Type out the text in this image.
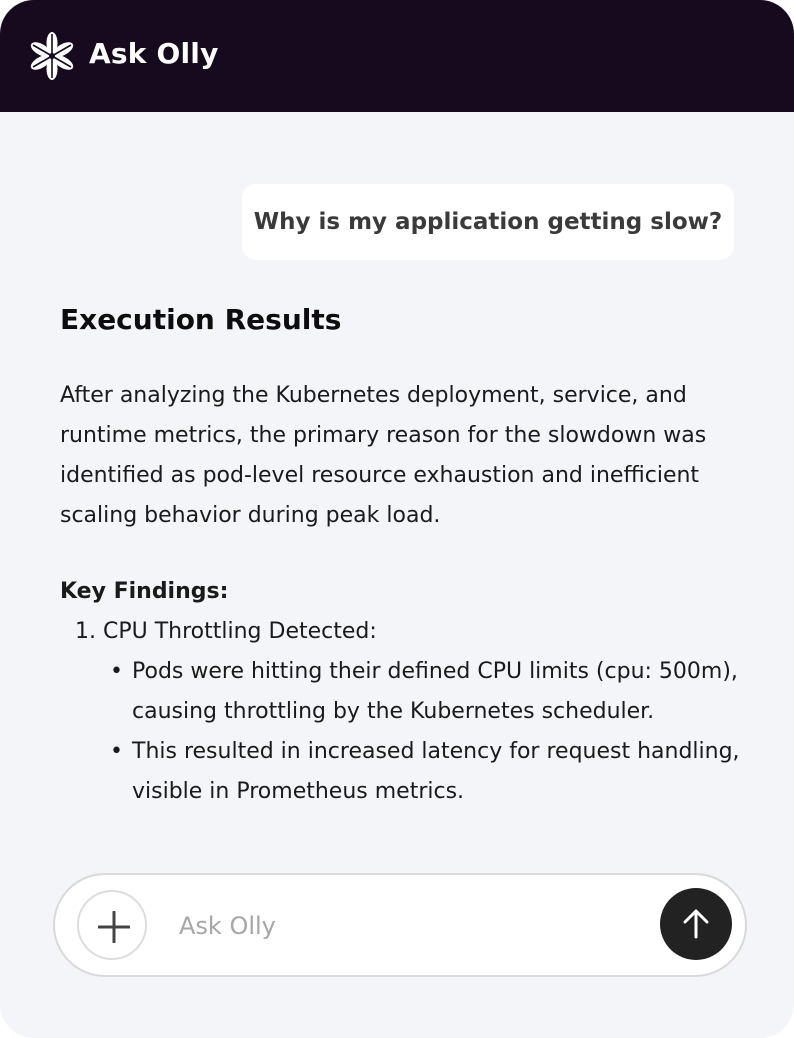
Ask Olly
Why is my application getting slow?
Execution Results

After analyzing the Kubernetes deployment, service, and runtime metrics, the primary reason for the slowdown was identified as pod-level resource exhaustion and inefficient scaling behavior during peak load.

Key Findings:
1. CPU Throttling Detected:
• Pods were hitting their defined CPU limits (cpu: 500m), causing throttling by the Kubernetes scheduler.
• This resulted in increased latency for request handling, visible in Prometheus metrics.
Ask Olly
